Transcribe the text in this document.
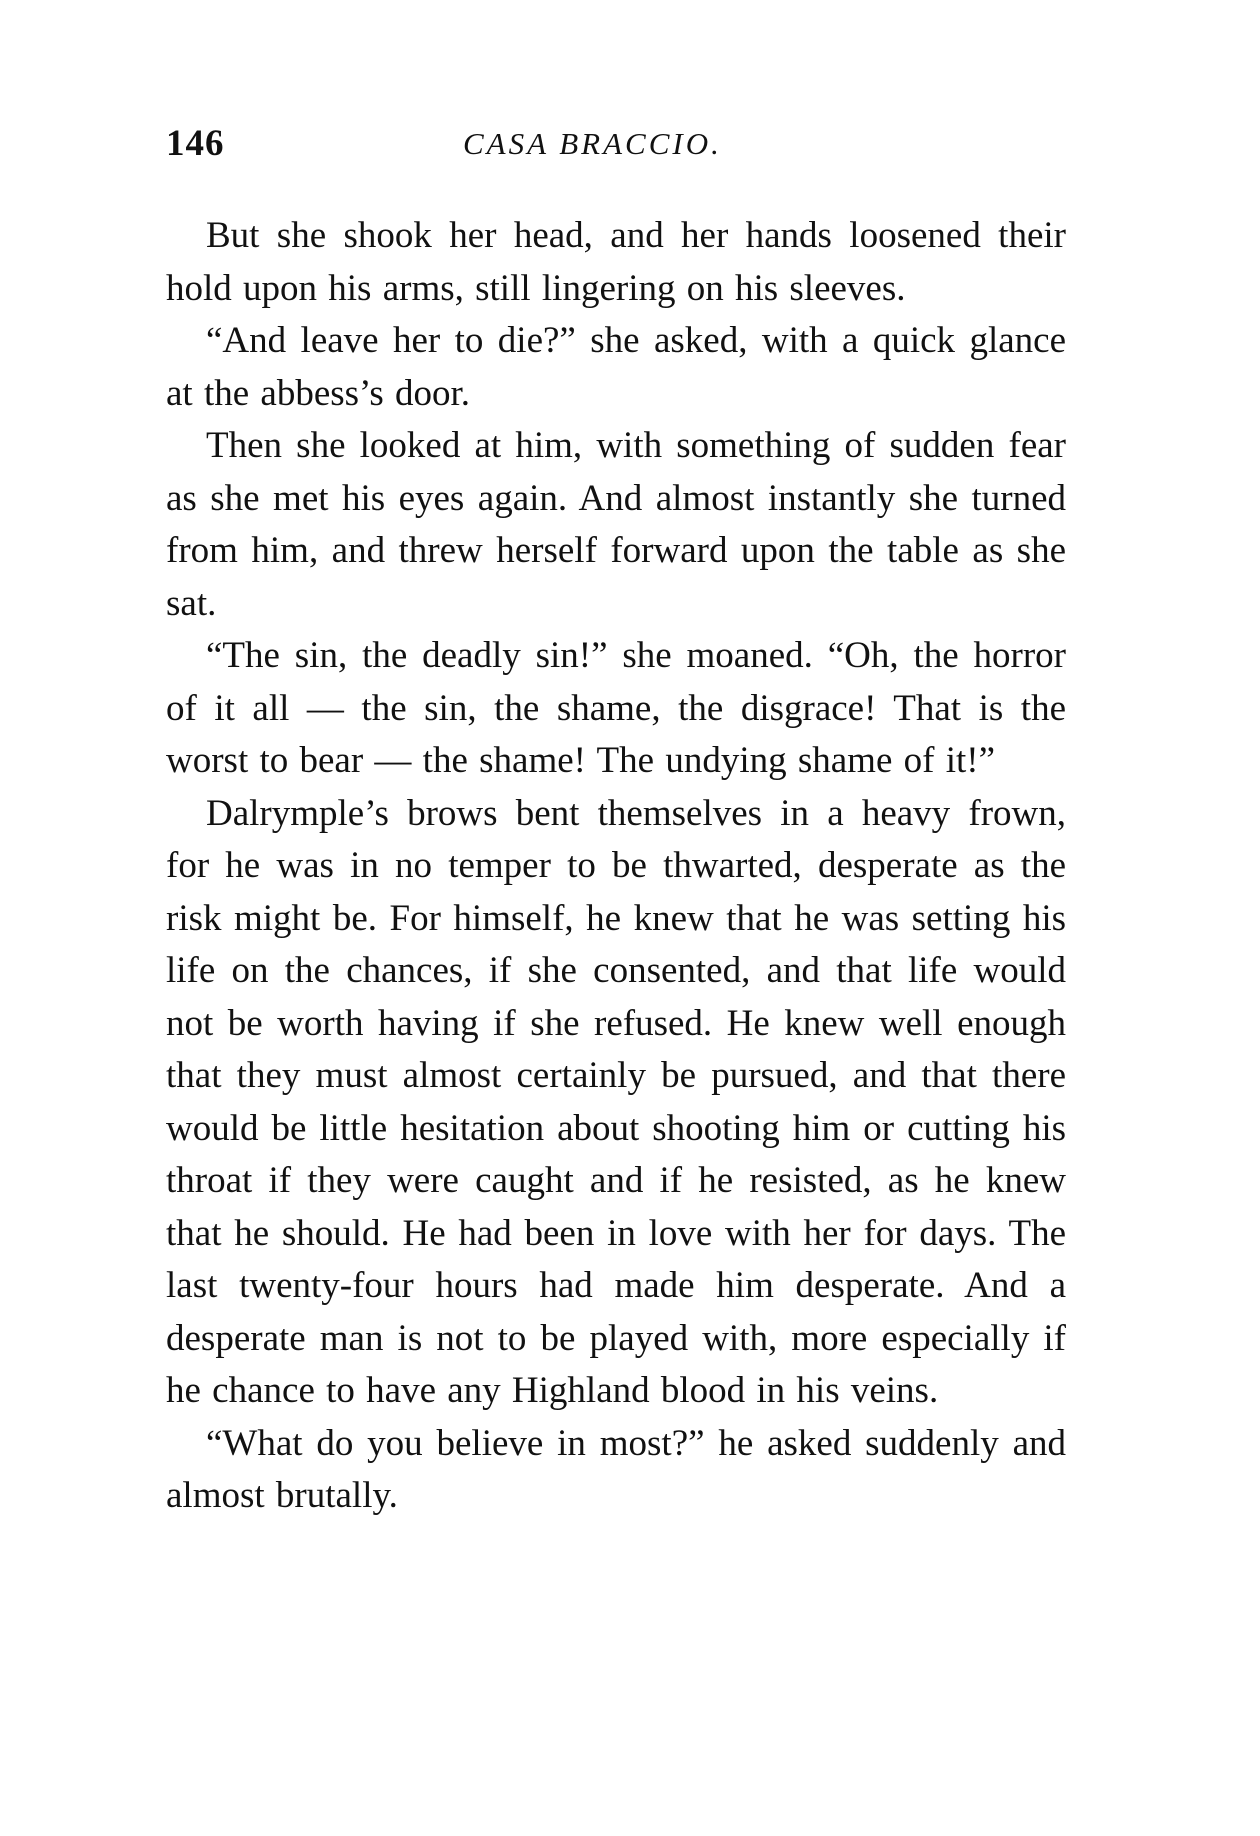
146	CASA BRACCIO.

But she shook her head, and her hands loosened their hold upon his arms, still lingering on his sleeves.

“And leave her to die?” she asked, with a quick glance at the abbess’s door.

Then she looked at him, with something of sudden fear as she met his eyes again. And almost instantly she turned from him, and threw herself forward upon the table as she sat.

“The sin, the deadly sin!” she moaned. “Oh, the horror of it all — the sin, the shame, the disgrace! That is the worst to bear — the shame! The undying shame of it!”

Dalrymple’s brows bent themselves in a heavy frown, for he was in no temper to be thwarted, desperate as the risk might be. For himself, he knew that he was setting his life on the chances, if she consented, and that life would not be worth having if she refused. He knew well enough that they must almost certainly be pursued, and that there would be little hesitation about shooting him or cutting his throat if they were caught and if he resisted, as he knew that he should. He had been in love with her for days. The last twenty-four hours had made him desperate. And a desperate man is not to be played with, more especially if he chance to have any Highland blood in his veins.

“What do you believe in most?” he asked suddenly and almost brutally.
